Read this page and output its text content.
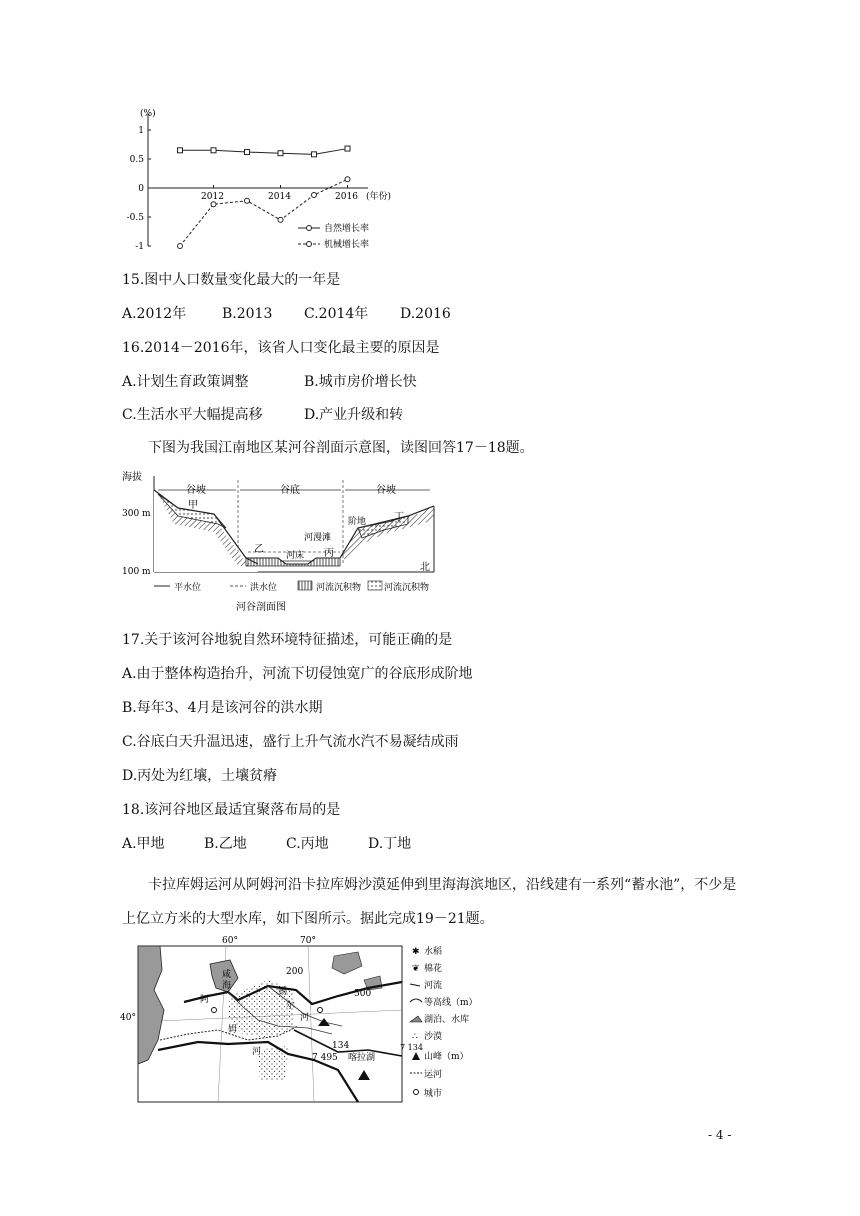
(%)
1
0.5
0
-0.5
-1
2012	2014	2016 (年份)
自然增长率
机械增长率
15.图中人口数量变化最大的一年是
A.2012年	B.2013 C.2014年 D.2016
16.2014－2016年，该省人口变化最主要的原因是
A.计划生育政策调整	B.城市房价增长快
C.生活水平大幅提高移	D.产业升级和转
下图为我国江南地区某河谷剖面示意图，读图回答17－18题。
海拔
300 m
100 m	北
谷坡	谷底	谷坡
甲
乙
河床
河漫滩
丙
阶地	丁
平水位	洪水位	河流沉积物	河流沉积物
河谷剖面图
17.关于该河谷地貌自然环境特征描述，可能正确的是
A.由于整体构造抬升，河流下切侵蚀宽广的谷底形成阶地
B.每年3、4月是该河谷的洪水期
C.谷底白天升温迅速，盛行上升气流水汽不易凝结成雨
D.丙处为红壤，土壤贫瘠
18.该河谷地区最适宜聚落布局的是
A.甲地	B.乙地	C.丙地	D.丁地
卡拉库姆运河从阿姆河沿卡拉库姆沙漠延伸到里海海滨地区，沿线建有一系列“蓄水池”，不少是上亿立方米的大型水库，如下图所示。据此完成19－21题。
60°	70°
40°
咸
海
阿
姆
河
锡
尔
河
200
500
134
7 495 喀拉湖
✱ 水稻
❦ 棉花
河流
等高线（m）
湖泊、水库
∴ 沙漠
7 134
山峰（m）
运河
城市
- 4 -
